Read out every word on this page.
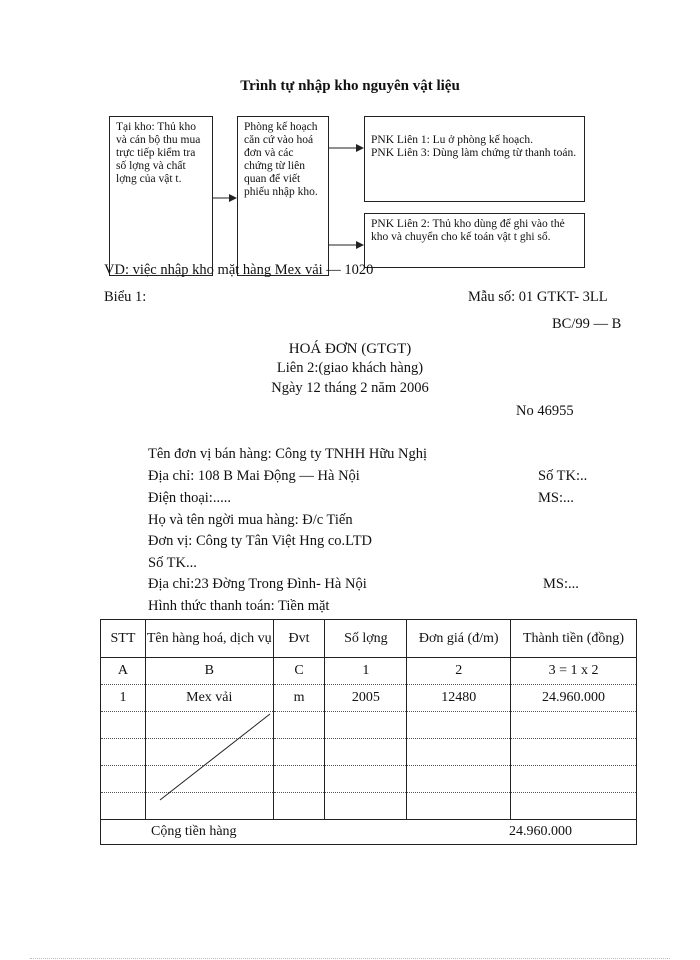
Trình tự nhập kho nguyên vật liệu
Tại kho: Thủ kho và cán bộ thu mua trực tiếp kiểm tra số lợng và chất lợng của vật t.
Phòng kế hoạch căn cứ vào hoá đơn và các chứng từ liên quan để viết phiếu nhập kho.

PNK Liên 1: Lu ở phòng kế hoạch.
PNK Liên 3: Dùng làm chứng từ thanh toán.

PNK Liên 2: Thủ kho dùng để ghi vào thẻ kho và chuyển cho kế toán vật t ghi sổ.
VD: việc nhập kho mặt hàng Mex vải — 1020
Biểu 1:	Mẫu số: 01 GTKT- 3LL
BC/99 — B
HOÁ ĐƠN (GTGT)
Liên 2:(giao khách hàng)
Ngày 12 tháng 2 năm 2006
No 46955
Tên đơn vị bán hàng: Công ty TNHH Hữu Nghị
Địa chỉ: 108 B Mai Động — Hà Nội	Số TK:..
Điện thoại:.....	MS:...
Họ và tên ngời mua hàng: Đ/c Tiến
Đơn vị: Công ty Tân Việt Hng co.LTD
Số TK...
Địa chỉ:23 Đờng Trong Đình- Hà Nội	MS:...
Hình thức thanh toán: Tiền mặt
STT	Tên hàng hoá, dịch vụ	Đvt	Số lợng	Đơn giá (đ/m)	Thành tiền (đồng)
A	B	C	1	2	3 = 1 x 2
1	Mex vải	m	2005	12480	24.960.000

Cộng tiền hàng				24.960.000	
